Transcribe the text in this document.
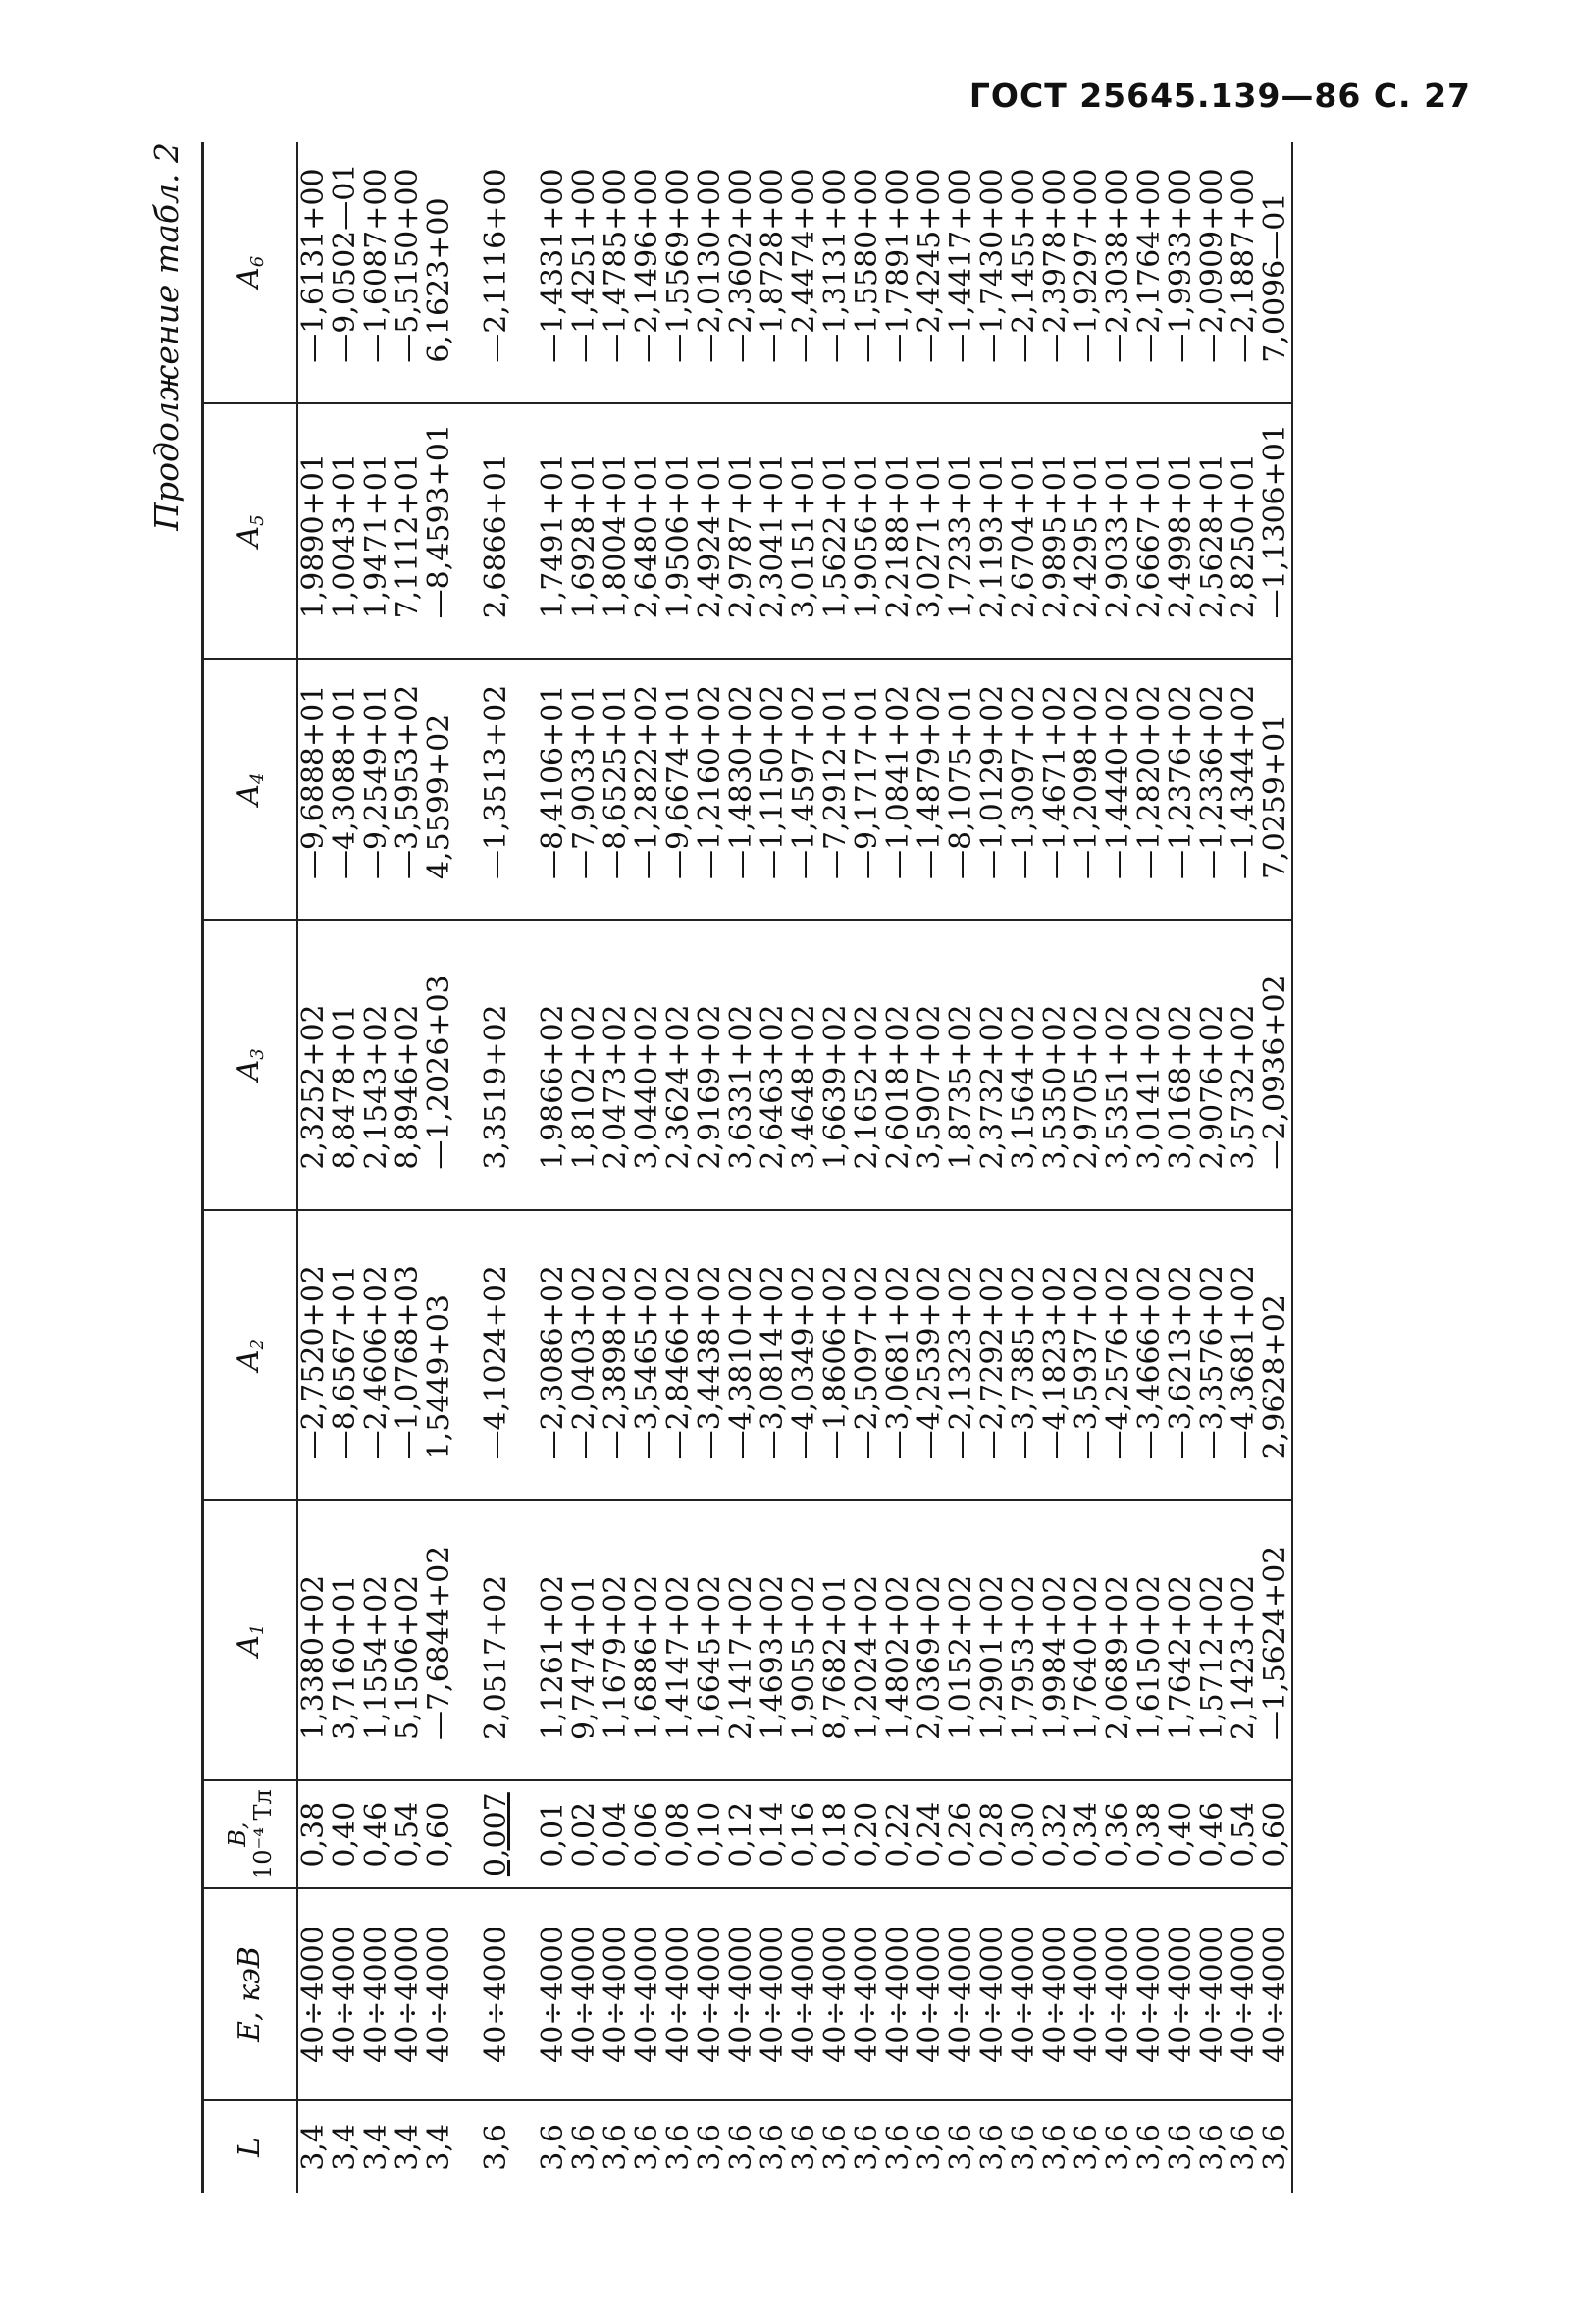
ГОСТ 25645.139—86 С. 27
Продолжение табл. 2
L	E, кэВ	B,
10⁻⁴ Тл	$A_1$	$A_2$	$A_3$	$A_4$	$A_5$	$A_6$
3,4	40÷4000	0,38	1,3380+02	—2,7520+02	2,3252+02	—9,6888+01	1,9890+01	—1,6131+00
3,4	40÷4000	0,40	3,7160+01	—8,6567+01	8,8478+01	—4,3088+01	1,0043+01	—9,0502—01
3,4	40÷4000	0,46	1,1554+02	—2,4606+02	2,1543+02	—9,2549+01	1,9471+01	—1,6087+00
3,4	40÷4000	0,54	5,1506+02	—1,0768+03	8,8946+02	—3,5953+02	7,1112+01	—5,5150+00
3,4	40÷4000	0,60	—7,6844+02	1,5449+03	—1,2026+03	4,5599+02	—8,4593+01	6,1623+00

3,6	40÷4000	0,007	2,0517+02	—4,1024+02	3,3519+02	—1,3513+02	2,6866+01	—2,1116+00

3,6	40÷4000	0,01	1,1261+02	—2,3086+02	1,9866+02	—8,4106+01	1,7491+01	—1,4331+00
3,6	40÷4000	0,02	9,7474+01	—2,0403+02	1,8102+02	—7,9033+01	1,6928+01	—1,4251+00
3,6	40÷4000	0,04	1,1679+02	—2,3898+02	2,0473+02	—8,6525+01	1,8004+01	—1,4785+00
3,6	40÷4000	0,06	1,6886+02	—3,5465+02	3,0440+02	—1,2822+02	2,6480+01	—2,1496+00
3,6	40÷4000	0,08	1,4147+02	—2,8466+02	2,3624+02	—9,6674+01	1,9506+01	—1,5569+00
3,6	40÷4000	0,10	1,6645+02	—3,4438+02	2,9169+02	—1,2160+02	2,4924+01	—2,0130+00
3,6	40÷4000	0,12	2,1417+02	—4,3810+02	3,6331+02	—1,4830+02	2,9787+01	—2,3602+00
3,6	40÷4000	0,14	1,4693+02	—3,0814+02	2,6463+02	—1,1150+02	2,3041+01	—1,8728+00
3,6	40÷4000	0,16	1,9055+02	—4,0349+02	3,4648+02	—1,4597+02	3,0151+01	—2,4474+00
3,6	40÷4000	0,18	8,7682+01	—1,8606+02	1,6639+02	—7,2912+01	1,5622+01	—1,3131+00
3,6	40÷4000	0,20	1,2024+02	—2,5097+02	2,1652+02	—9,1717+01	1,9056+01	—1,5580+00
3,6	40÷4000	0,22	1,4802+02	—3,0681+02	2,6018+02	—1,0841+02	2,2188+01	—1,7891+00
3,6	40÷4000	0,24	2,0369+02	—4,2539+02	3,5907+02	—1,4879+02	3,0271+01	—2,4245+00
3,6	40÷4000	0,26	1,0152+02	—2,1323+02	1,8735+02	—8,1075+01	1,7233+01	—1,4417+00
3,6	40÷4000	0,28	1,2901+02	—2,7292+02	2,3732+02	—1,0129+02	2,1193+01	—1,7430+00
3,6	40÷4000	0,30	1,7953+02	—3,7385+02	3,1564+02	—1,3097+02	2,6704+01	—2,1455+00
3,6	40÷4000	0,32	1,9984+02	—4,1823+02	3,5350+02	—1,4671+02	2,9895+01	—2,3978+00
3,6	40÷4000	0,34	1,7640+02	—3,5937+02	2,9705+02	—1,2098+02	2,4295+01	—1,9297+00
3,6	40÷4000	0,36	2,0689+02	—4,2576+02	3,5351+02	—1,4440+02	2,9033+01	—2,3038+00
3,6	40÷4000	0,38	1,6150+02	—3,4666+02	3,0141+02	—1,2820+02	2,6667+01	—2,1764+00
3,6	40÷4000	0,40	1,7642+02	—3,6213+02	3,0168+02	—1,2376+02	2,4998+01	—1,9933+00
3,6	40÷4000	0,46	1,5712+02	—3,3576+02	2,9076+02	—1,2336+02	2,5628+01	—2,0909+00
3,6	40÷4000	0,54	2,1423+02	—4,3681+02	3,5732+02	—1,4344+02	2,8250+01	—2,1887+00
3,6	40÷4000	0,60	—1,5624+02	2,9628+02	—2,0936+02	7,0259+01	—1,1306+01	7,0096—01
